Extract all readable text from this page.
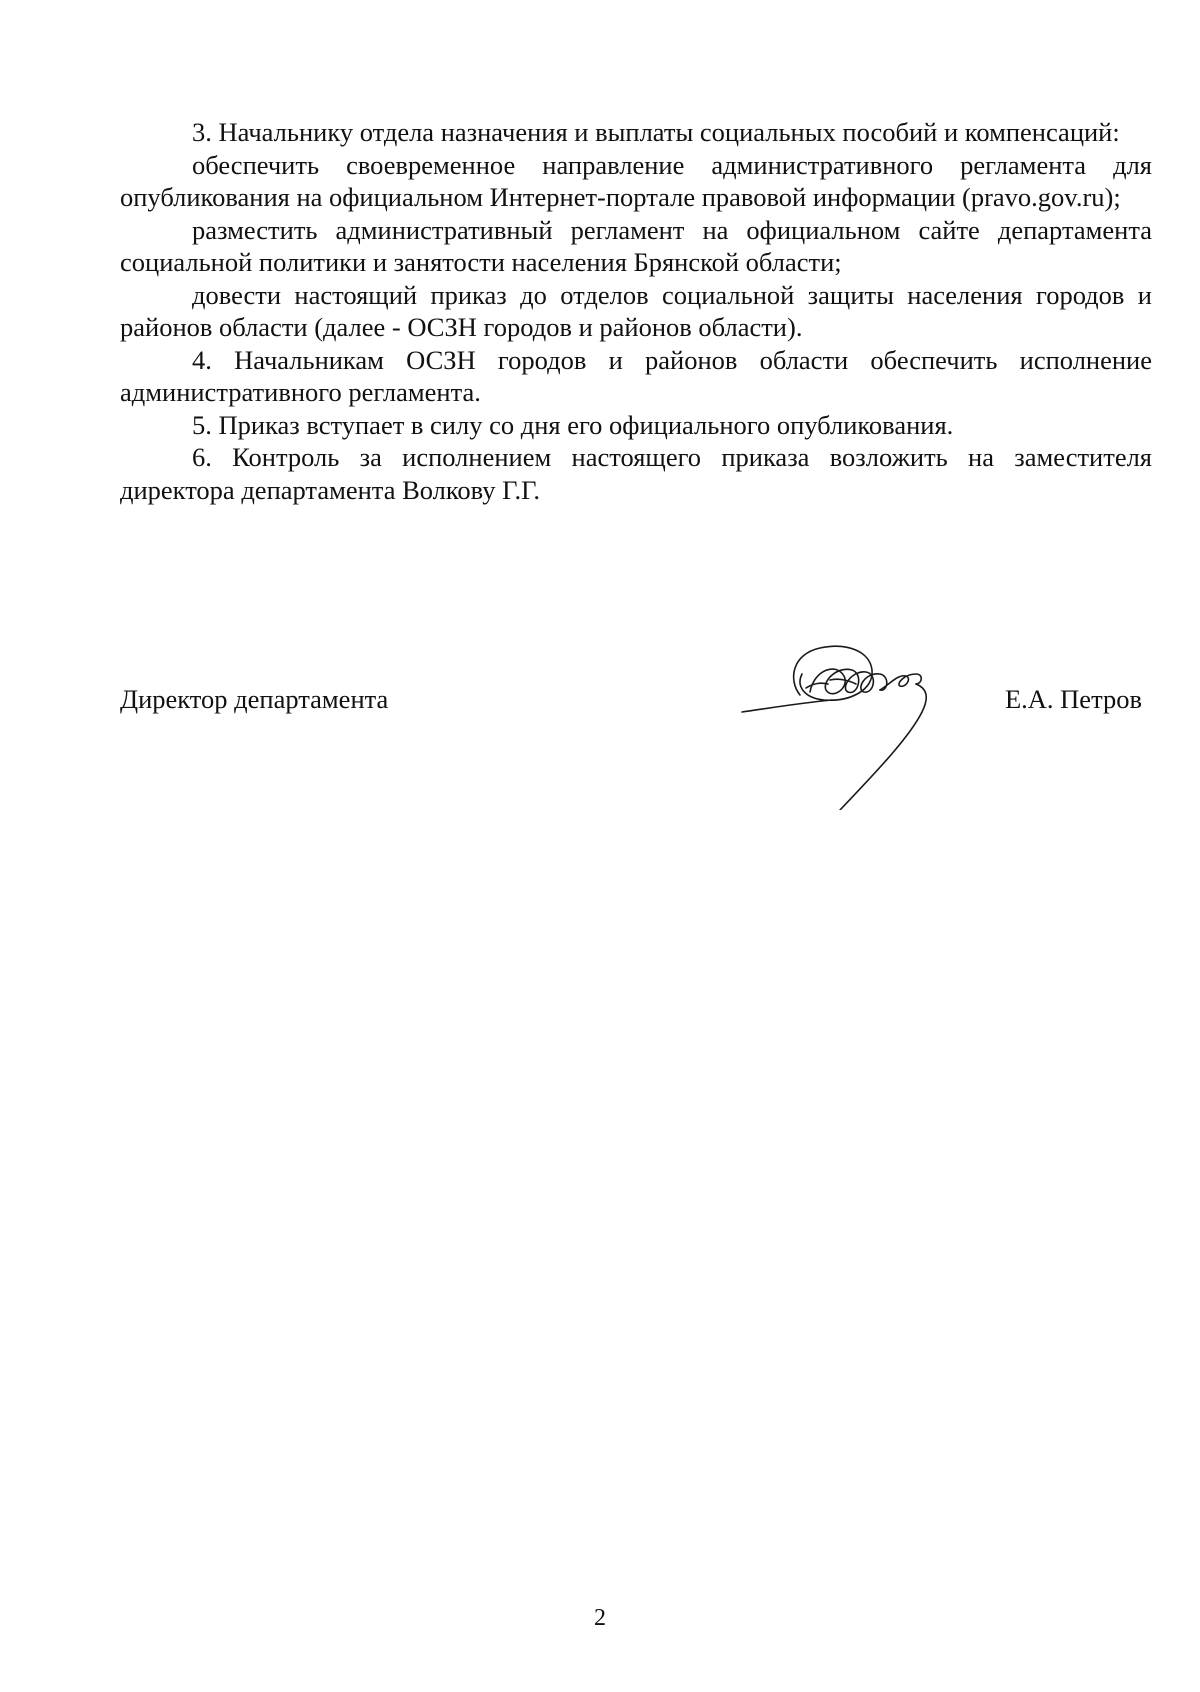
3. Начальнику отдела назначения и выплаты социальных пособий и компенсаций:

обеспечить своевременное направление административного регламента для опубликования на официальном Интернет-портале правовой информации (pravo.gov.ru);

разместить административный регламент на официальном сайте департамента социальной политики и занятости населения Брянской области;

довести настоящий приказ до отделов социальной защиты населения городов и районов области (далее - ОСЗН городов и районов области).

4. Начальникам ОСЗН городов и районов области обеспечить исполнение административного регламента.

5. Приказ вступает в силу со дня его официального опубликования.

6. Контроль за исполнением настоящего приказа возложить на заместителя директора департамента Волкову Г.Г.

Директор департамента	Е.А. Петров
2
